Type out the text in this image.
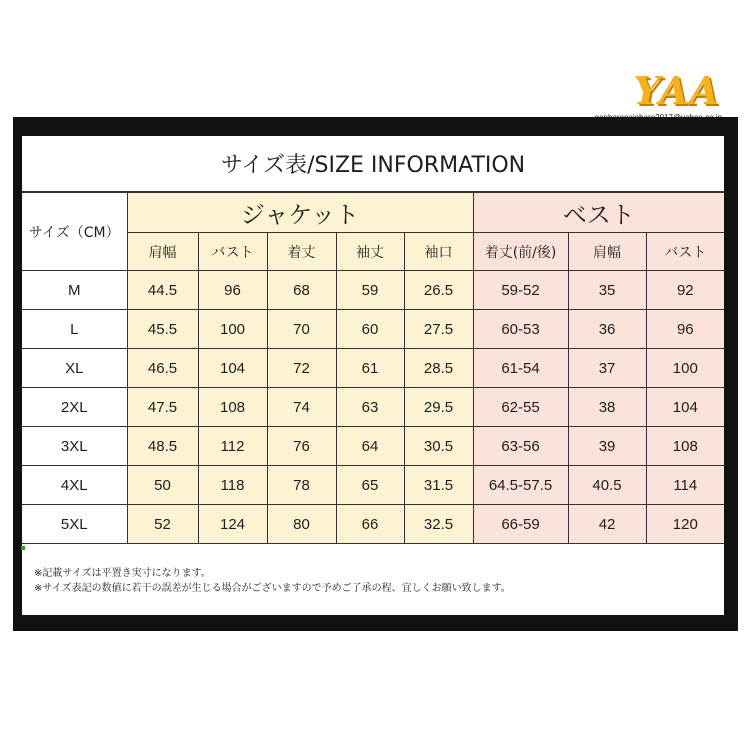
YAA
サイズ表/SIZE INFORMATION
サイズ（CM）	ジャケット					ベスト		
	肩幅	バスト	着丈	袖丈	袖口	着丈(前/後)	肩幅	バスト
M	44.5	96	68	59	26.5	59-52	35	92
L	45.5	100	70	60	27.5	60-53	36	96
XL	46.5	104	72	61	28.5	61-54	37	100
2XL	47.5	108	74	63	29.5	62-55	38	104
3XL	48.5	112	76	64	30.5	63-56	39	108
4XL	50	118	78	65	31.5	64.5-57.5	40.5	114
5XL	52	124	80	66	32.5	66-59	42	120
※記載サイズは平置き実寸になります。
※サイズ表記の数値に若干の誤差が生じる場合がございますので予めご了承の程、宜しくお願い致します。
